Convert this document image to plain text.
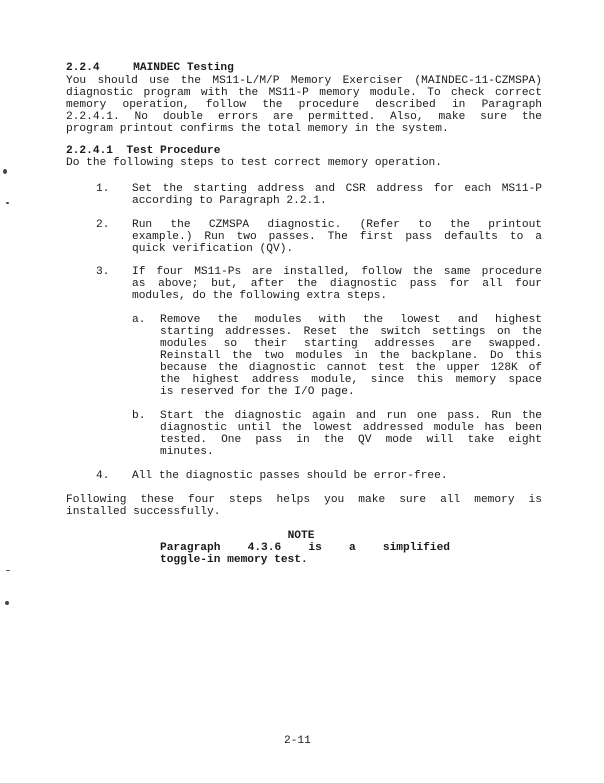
2.2.4     MAINDEC Testing
You should use the MS11-L/M/P Memory Exerciser (MAINDEC-11-CZMSPA)
diagnostic program with the MS11-P memory module. To check correct
memory operation, follow the procedure described in Paragraph
2.2.4.1. No double errors are permitted. Also, make sure the
program printout confirms the total memory in the system.
2.2.4.1  Test Procedure
Do the following steps to test correct memory operation.
1. Set the starting address and CSR address for each MS11-P
according to Paragraph 2.2.1.
2. Run the CZMSPA diagnostic. (Refer to the printout
example.) Run two passes. The first pass defaults to a
quick verification (QV).
3. If four MS11-Ps are installed, follow the same procedure
as above; but, after the diagnostic pass for all four
modules, do the following extra steps.
a. Remove the modules with the lowest and highest
starting addresses. Reset the switch settings on the
modules so their starting addresses are swapped.
Reinstall the two modules in the backplane. Do this
because the diagnostic cannot test the upper 128K of
the highest address module, since this memory space
is reserved for the I/O page.
b. Start the diagnostic again and run one pass. Run the
diagnostic until the lowest addressed module has been
tested. One pass in the QV mode will take eight
minutes.
4. All the diagnostic passes should be error-free.
Following these four steps helps you make sure all memory is
installed successfully.
NOTE
Paragraph 4.3.6 is a simplified
toggle-in memory test.
2-11
